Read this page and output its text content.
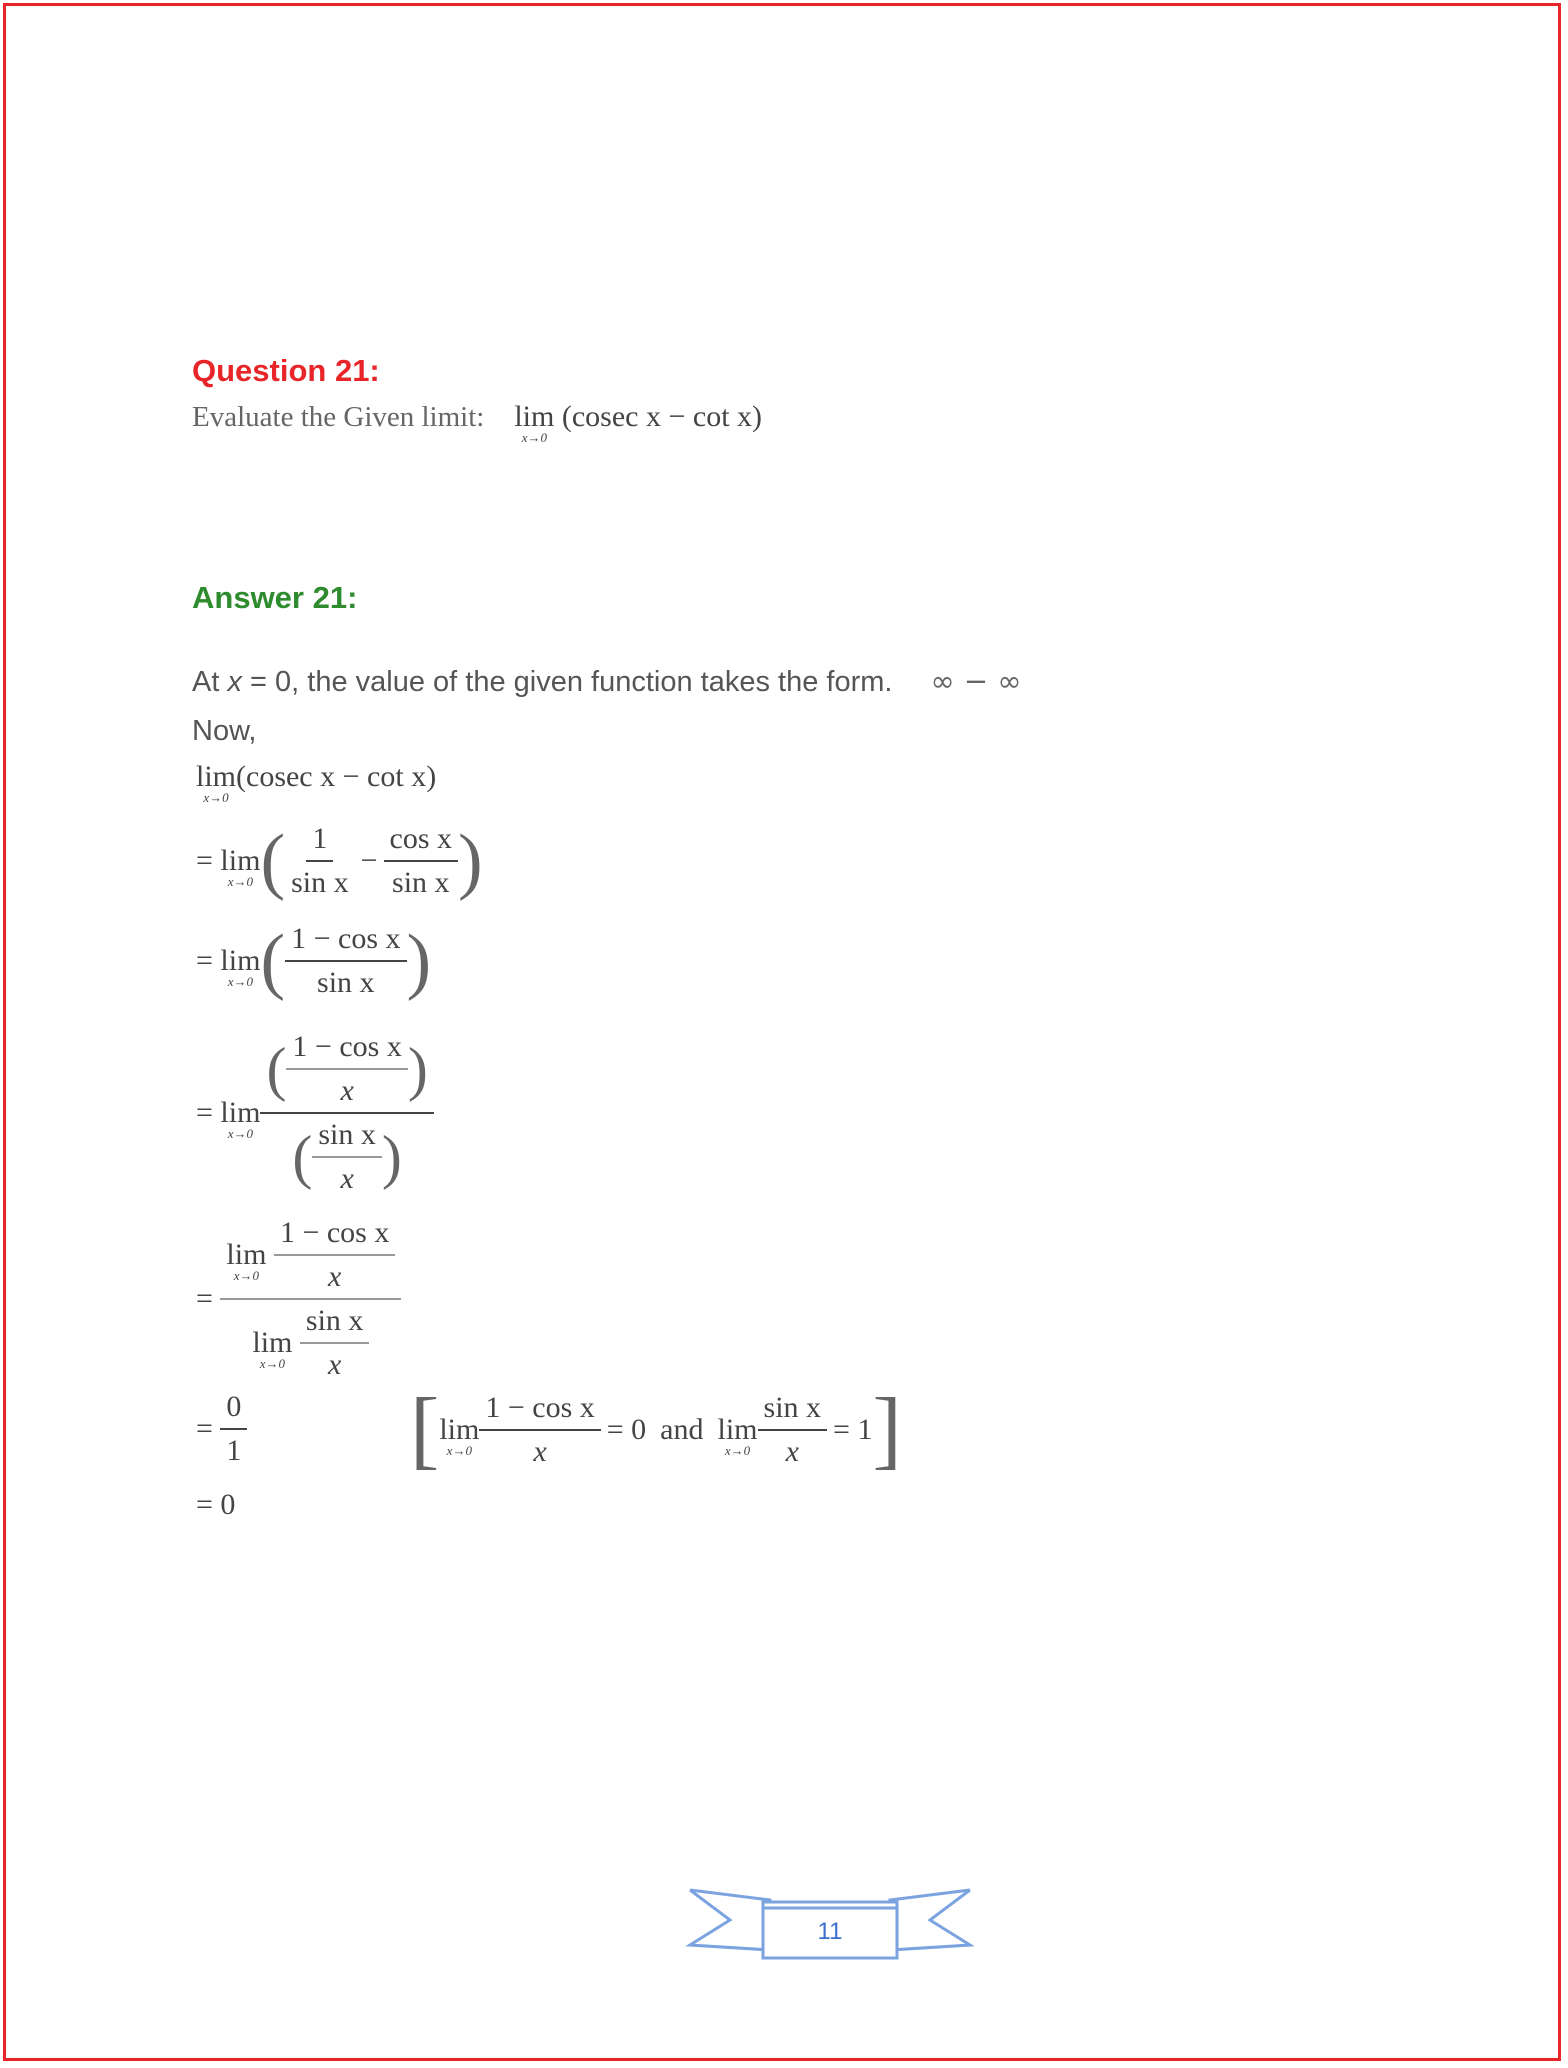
Question 21:
Evaluate the Given limit: lim
x→0
(cosec x − cot x)
Answer 21:
At x = 0, the value of the given function takes the form. ∞ − ∞
Now,
lim
x→0
(cosec x − cot x)
=
lim
x→0 ( $\frac{1}{\text{sin x}} - \frac{\text{cos x}}{\text{sin x}}$ )
=
lim
x→0 ( $\frac{\text{1 − cos x}}{\text{sin x}}$ )
=
lim
$x\to 0 \frac{( \frac{\text{1 − cos x}}{x} )}{( \frac{\text{sin x}}{x} )}$
=
lim
x→0
$\frac{\text{1 − cos x}}{x}$
lim
x→0
$\frac{\text{sin x}}{x}$
=
$\frac{0}{1}$ [ lim
$x\to 0 \frac{\text{1 − cos x}}{x} = 0$ and lim
$x\to 0 \frac{\text{sin x}}{x} = 1$ ]
=
0
11
